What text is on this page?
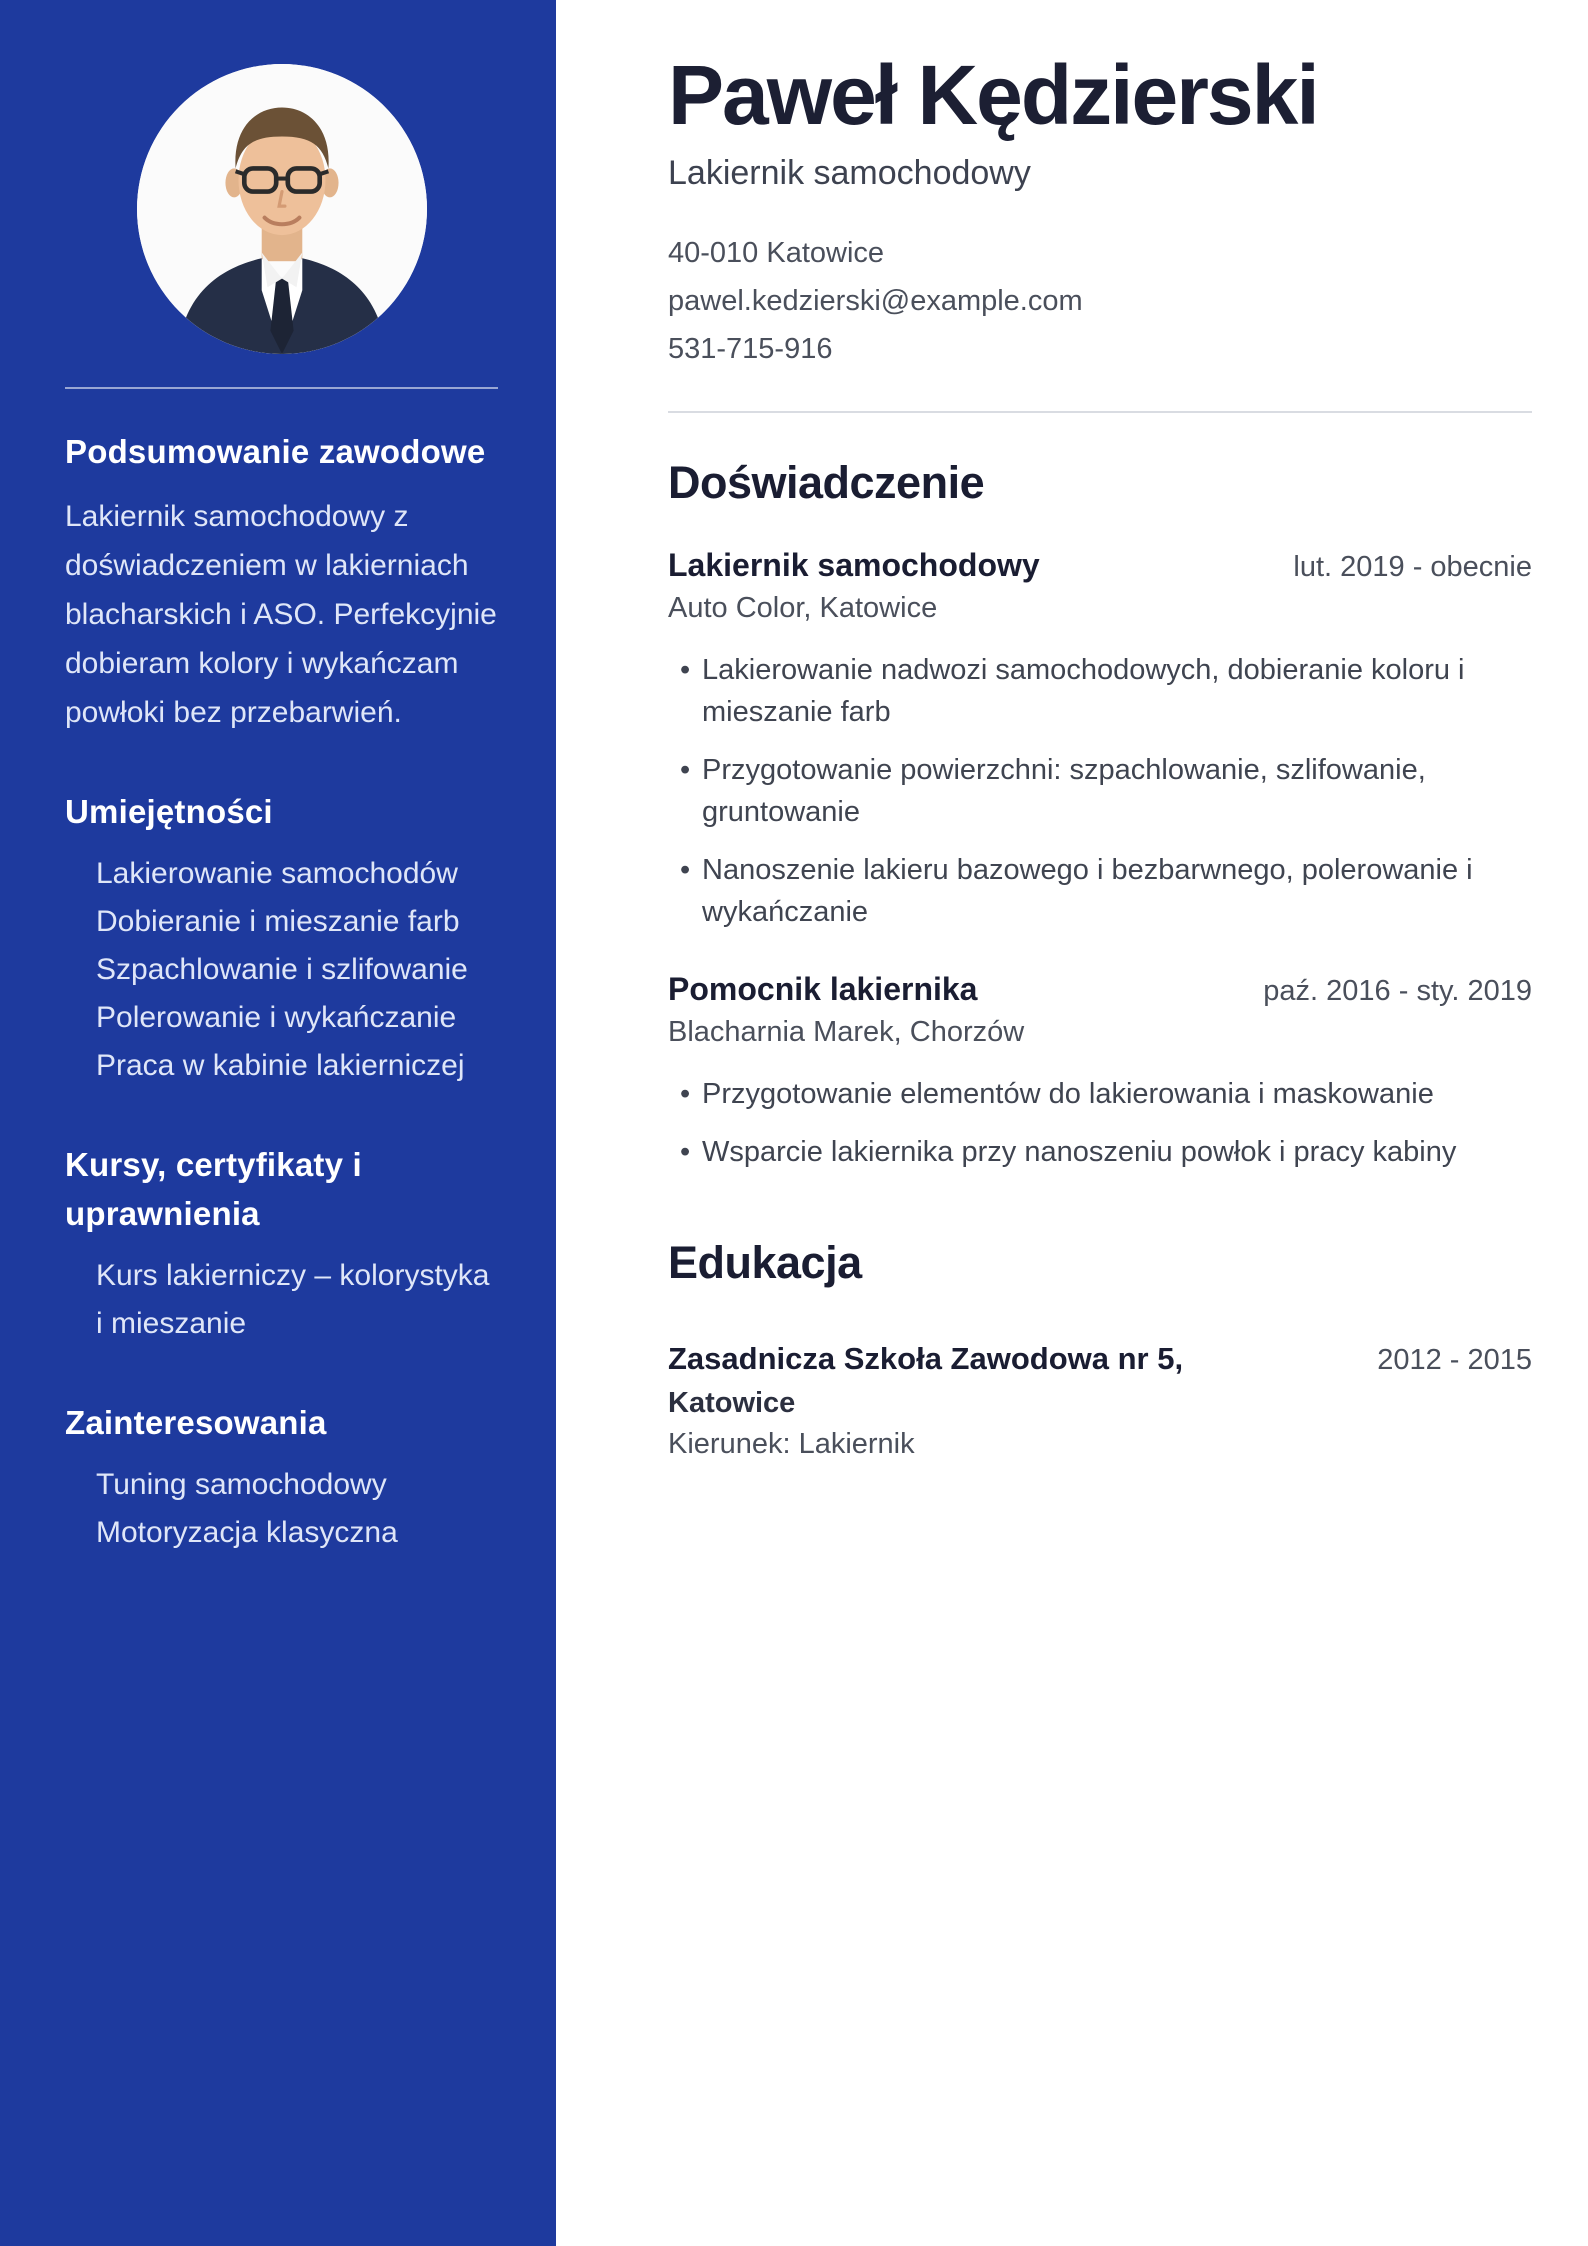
Podsumowanie zawodowe

Lakiernik samochodowy z doświadczeniem w lakierniach blacharskich i ASO. Perfekcyjnie dobieram kolory i wykańczam powłoki bez przebarwień.

Umiejętności
Lakierowanie samochodów
Dobieranie i mieszanie farb
Szpachlowanie i szlifowanie
Polerowanie i wykańczanie
Praca w kabinie lakierniczej
Kursy, certyfikaty i uprawnienia
Kurs lakierniczy – kolorystyka i mieszanie
Zainteresowania
Tuning samochodowy
Motoryzacja klasyczna
Paweł Kędzierski
Lakiernik samochodowy
40-010 Katowice
pawel.kedzierski@example.com
531-715-916
Doświadczenie
Lakiernik samochodowy	lut. 2019 - obecnie
Auto Color, Katowice
• Lakierowanie nadwozi samochodowych, dobieranie koloru i mieszanie farb
• Przygotowanie powierzchni: szpachlowanie, szlifowanie, gruntowanie
• Nanoszenie lakieru bazowego i bezbarwnego, polerowanie i wykańczanie
Pomocnik lakiernika	paź. 2016 - sty. 2019
Blacharnia Marek, Chorzów
• Przygotowanie elementów do lakierowania i maskowanie
• Wsparcie lakiernika przy nanoszeniu powłok i pracy kabiny
Edukacja
Zasadnicza Szkoła Zawodowa nr 5,	2012 - 2015
Katowice
Kierunek: Lakiernik
